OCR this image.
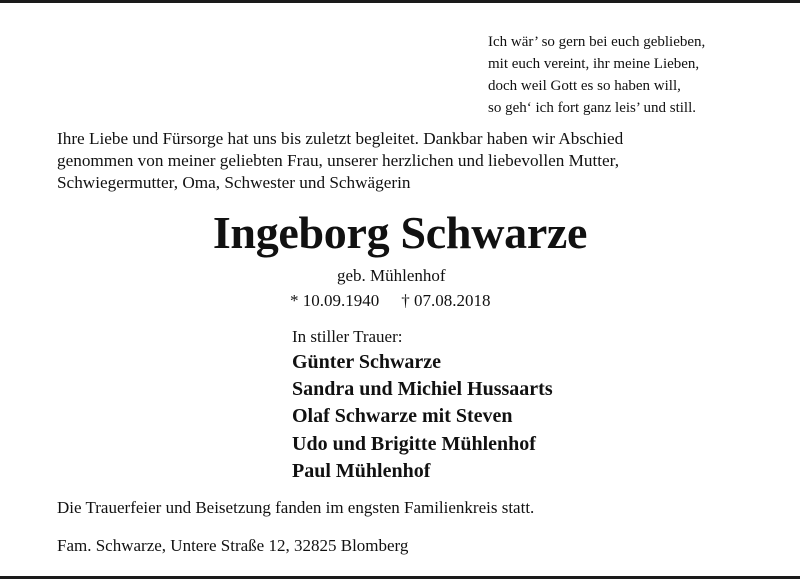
Ich wär’ so gern bei euch geblieben,
mit euch vereint, ihr meine Lieben,
doch weil Gott es so haben will,
so geh‘ ich fort ganz leis’ und still.
Ihre Liebe und Fürsorge hat uns bis zuletzt begleitet. Dankbar haben wir Abschied
genommen von meiner geliebten Frau, unserer herzlichen und liebevollen Mutter,
Schwiegermutter, Oma, Schwester und Schwägerin
Ingeborg Schwarze
geb. Mühlenhof
* 10.09.1940 † 07.08.2018
In stiller Trauer:
Günter Schwarze
Sandra und Michiel Hussaarts
Olaf Schwarze mit Steven
Udo und Brigitte Mühlenhof
Paul Mühlenhof
Die Trauerfeier und Beisetzung fanden im engsten Familienkreis statt.
Fam. Schwarze, Untere Straße 12, 32825 Blomberg
